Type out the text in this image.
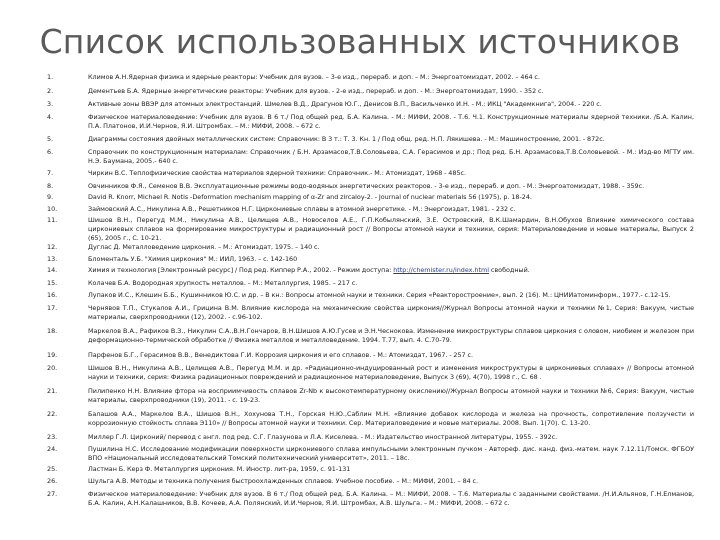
Список использованных источников
1.	Климов А.Н.Ядерная физика и ядерные реакторы: Учебник для вузов. – 3-е изд., перераб. и доп. – М.: Энергоатомиздат, 2002. – 464 с.
2.	Дементьев Б.А. Ядерные энергетические реакторы: Учебник для вузов. - 2-е изд., перераб. и доп. - М.: Энергоатомиздат, 1990. - 352 с.
3.	Активные зоны ВВЭР для атомных электростанций. Шмелев В.Д., Драгунов Ю.Г., Денисов В.П., Васильченко И.Н. - М.: ИКЦ "Академкнига", 2004. - 220 с.
4.	Физическое материаловедение: Учебник для вузов. В 6 т./ Под общей ред. Б.А. Калина. - М.: МИФИ, 2008. - Т.6. Ч.1. Конструкционные материалы ядерной техники. /Б.А. Калин, П.А. Платонов, И.И.Чернов, Я.И. Штромбах. – М.: МИФИ, 2008. – 672 с.
5.	Диаграммы состояния двойных металлических систем: Справочник: В 3 т.: Т. 3. Кн. 1 / Под общ. ред. Н.П. Лякишева. - М.: Машиностроение, 2001. - 872с.
6.	Справочник по конструкционным материалам: Справочник / Б.Н. Арзамасов,Т.В.Соловьева, С.А. Герасимов и др.; Под ред. Б.Н. Арзамасова,Т.В.Соловьевой. - М.: Изд-во МГТУ им. Н.Э. Баумана, 2005.- 640 с.
7.	Чиркин В.С. Теплофизические свойства материалов ядерной техники: Справочник.- М.: Атомиздат, 1968 - 485с.
8.	Овчинников Ф.Я., Семенов В.В. Эксплуатационные режимы водо-водяных энергетических реакторов. - 3-е изд., перераб. и доп. - М.: Энергоатомиздат, 1988. - 359с.
9.	David R. Knorr, Michael R. Notis -Deformation mechanism mapping of α-Zr and zircaloy-2. - Journal of nuclear materials 56 (1975), p. 18-24.
10.	Займовский А.С., Никулина А.В., Решетников Н.Г. Циркониевые сплавы в атомной энергетике. - М.: Энергоиздат, 1981. - 232 с.
11.	Шишов В.Н., Перегуд М.М., Никулина А.В., Целищев А.В., Новоселов А.Е., Г.П.Кобылянский, З.Е. Островский, В.К.Шамардин, В.Н.Обухов Влияние химического состава циркониевых сплавов на формирование микроструктуры и радиационный рост // Вопросы атомной науки и техники, серия: Материаловедение и новые материалы, Выпуск 2 (65), 2005 г., С. 10-21.
12.	Дуглас Д. Металловедение циркония. – М.: Атомиздат, 1975. – 140 с.
13.	Бломенталь У.Б. "Химия циркония" М.: ИИЛ, 1963. – с. 142-160
14.	Химия и технология [Электронный ресурс] / Под ред. Киппер Р.А., 2002. - Режим доступа: http://chemister.ru/index.html свободный.
15.	Колачев Б.А. Водородная хрупкость металлов. – М.: Металлургия, 1985. – 217 с.
16.	Лупаков И.С., Клешин Б.Б., Кушинников Ю.С. и др. – В кн.: Вопросы атомной науки и техники. Серия «Реакторостроение», вып. 2 (16). М.: ЦНИИатоминформ., 1977.- с.12-15.
17.	Чернявов Т.П., Стукалов А.И., Грицина В.М. Влияние кислорода на механические свойства циркония//Журнал Вопросы атомной науки и техники №1, Серия: Вакуум, чистые материалы, сверхпроводники (12), 2002. - с.96-102.
18.	Маркелов В.А., Рафиков В.З., Никулин С.А.,В.Н.Гончаров, В.Н.Шишов А.Ю.Гусев и Э.Н.Чеснокова. Изменение микроструктуры сплавов циркония с оловом, ниобием и железом при деформационно-термической обработке // Физика металлов и металловедение. 1994. Т.77, вып. 4. С.70-79.
19.	Парфенов Б.Г., Герасимов В.В., Венедиктова Г.И. Коррозия циркония и его сплавов. - М.: Атомиздат, 1967. - 257 с.
20.	Шишов В.Н., Никулина А.В., Целищев А.В., Перегуд М.М. и др. «Радиационно-индуцированный рост и изменения микроструктуры в циркониевых сплавах» // Вопросы атомной науки и техники, серия: Физика радиационных повреждений и радиационное материаловедение, Выпуск 3 (69), 4(70), 1998 г., С. 68 .
21.	Пилипенко Н.Н. Влияние фтора на восприимчивость сплавов Zr-Nb к высокотемпературному окислению//Журнал Вопросы атомной науки и техники №6, Серия: Вакуум, чистые материалы, сверхпроводники (19), 2011. - с. 19-23.
22.	Балашов А.А., Маркелов В.А., Шишов В.Н., Хохунова Т.Н., Горская Н.Ю.,Саблин М.Н. «Влияние добавок кислорода и железа на прочность, сопротивление ползучести и коррозионную стойкость сплава Э110» // Вопросы атомной науки и техники. Сер. Материаловедение и новые материалы. 2008. Вып. 1(70). С. 13-20.
23.	Миллер Г.Л. Цирконий/ перевод с англ. под ред. С.Г. Глазунова и Л.А. Киселева. - М.: Издательство иностранной литературы, 1955. - 392с.
24.	Пушилина Н.С. Исследование модификации поверхности циркониевого сплава импульсными электронным пучком - Автореф. дис. канд. физ.-матем. наук 7.12.11/Томск. ФГБОУ ВПО «Национальный исследовательский Томский политехнический университет», 2011. – 18с.
25.	Ластман Б. Керз Ф. Металлургия циркония. М. Иностр. лит-ра, 1959, с. 91-131
26.	Шульга А.В. Методы и техника получения быстроохлажденных сплавов. Учебное пособие. – М.: МИФИ, 2001. – 84 с.
27.	Физическое материаловедение: Учебник для вузов. В 6 т./ Под общей ред. Б.А. Калина. – М.: МИФИ, 2008. – Т.6. Материалы с заданными свойствами. /Н.И.Альянов, Г.Н.Елманов, Б.А. Калин, А.Н.Калашников, В.В. Кочеев, А.А. Полянский, И.И.Чернов, Я.И. Штромбах, А.В. Шульга. – М.: МИФИ, 2008. – 672 с.
